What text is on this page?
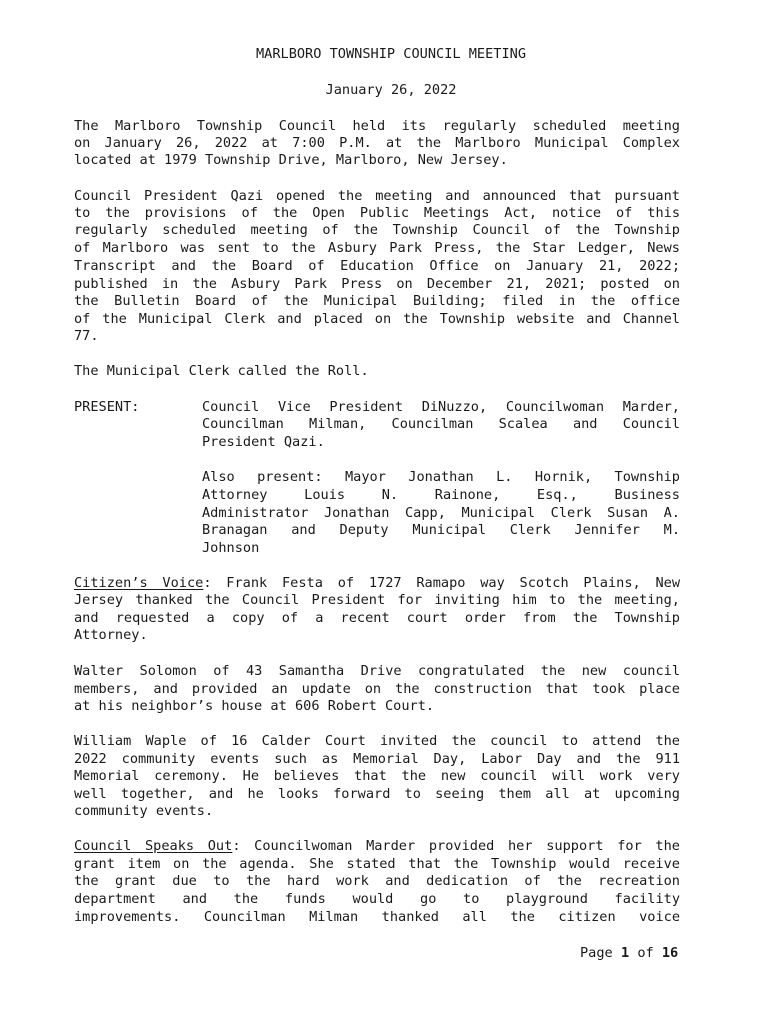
MARLBORO TOWNSHIP COUNCIL MEETING
January 26, 2022
The Marlboro Township Council held its regularly scheduled meeting
on January 26, 2022 at 7:00 P.M. at the Marlboro Municipal Complex
located at 1979 Township Drive, Marlboro, New Jersey.
Council President Qazi opened the meeting and announced that pursuant
to the provisions of the Open Public Meetings Act, notice of this
regularly scheduled meeting of the Township Council of the Township
of Marlboro was sent to the Asbury Park Press, the Star Ledger, News
Transcript and the Board of Education Office on January 21, 2022;
published in the Asbury Park Press on December 21, 2021; posted on
the Bulletin Board of the Municipal Building; filed in the office
of the Municipal Clerk and placed on the Township website and Channel
77.
The Municipal Clerk called the Roll.
PRESENT:	Council Vice President DiNuzzo, Councilwoman Marder,
Councilman Milman, Councilman Scalea and Council
President Qazi.
Also present: Mayor Jonathan L. Hornik, Township
Attorney Louis N. Rainone, Esq., Business
Administrator Jonathan Capp, Municipal Clerk Susan A.
Branagan and Deputy Municipal Clerk Jennifer M.
Johnson
Citizen’s Voice: Frank Festa of 1727 Ramapo way Scotch Plains, New
Jersey thanked the Council President for inviting him to the meeting,
and requested a copy of a recent court order from the Township
Attorney.
Walter Solomon of 43 Samantha Drive congratulated the new council
members, and provided an update on the construction that took place
at his neighbor’s house at 606 Robert Court.
William Waple of 16 Calder Court invited the council to attend the
2022 community events such as Memorial Day, Labor Day and the 911
Memorial ceremony. He believes that the new council will work very
well together, and he looks forward to seeing them all at upcoming
community events.
Council Speaks Out: Councilwoman Marder provided her support for the
grant item on the agenda. She stated that the Township would receive
the grant due to the hard work and dedication of the recreation
department and the funds would go to playground facility
improvements. Councilman Milman thanked all the citizen voice
Page 1 of 16
